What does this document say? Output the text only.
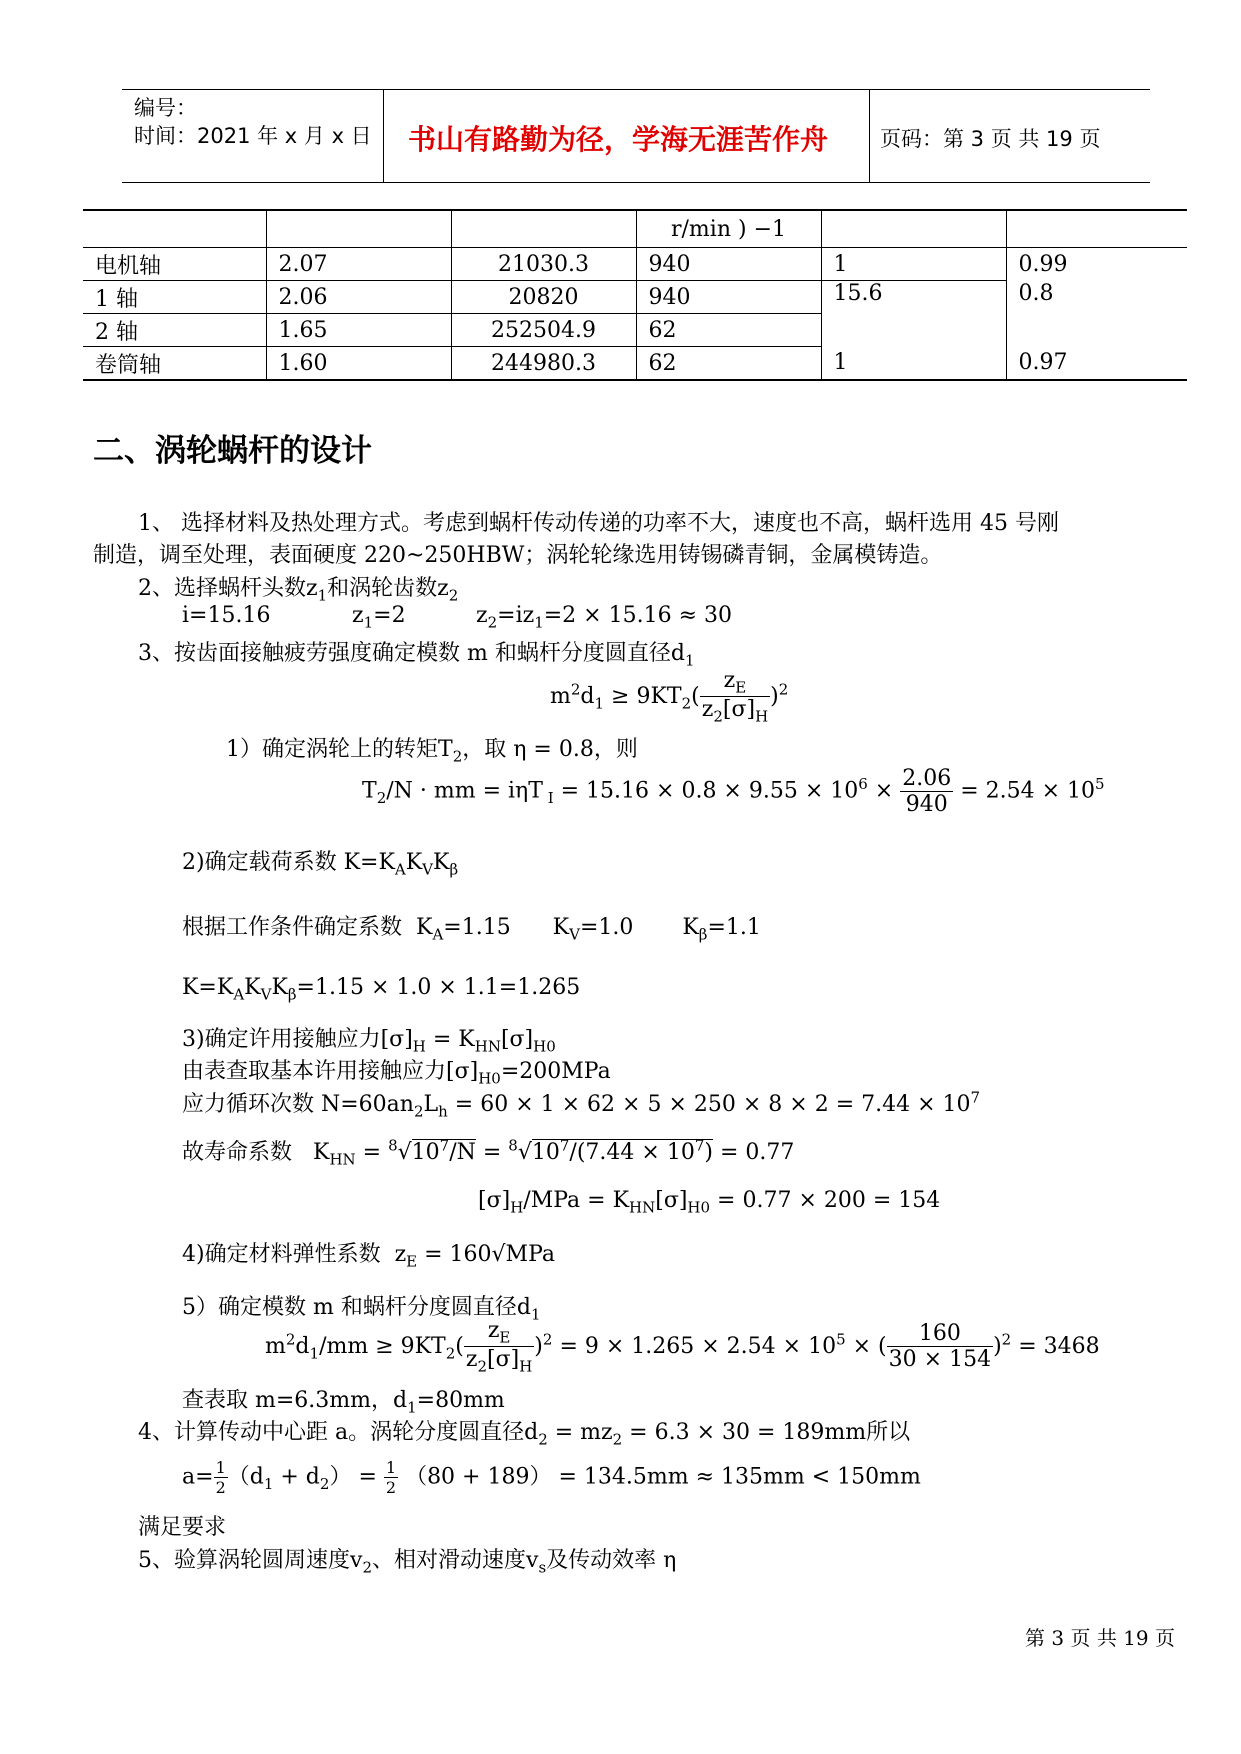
编号：
时间：2021 年 x 月 x 日 书山有路勤为径，学海无涯苦作舟 页码：第 3 页 共 19 页
			r/min ) −1		
电机轴	2.07	21030.3	940	1	0.99
1 轴	2.06	20820	940	15.6	0.8
2 轴	1.65	252504.9	62		
卷筒轴	1.60	244980.3	62	1	0.97
二、涡轮蜗杆的设计
1、 选择材料及热处理方式。考虑到蜗杆传动传递的功率不大，速度也不高，蜗杆选用 45 号刚
制造，调至处理，表面硬度 220~250HBW；涡轮轮缘选用铸锡磷青铜，金属模铸造。
2、选择蜗杆头数$z_1$和涡轮齿数$z_2$
i=15.16	$z_1=2$	$z_2=iz_1=2 \times 15.16 \approx 30$
3、按齿面接触疲劳强度确定模数 m 和蜗杆分度圆直径$d_1$
$m^2d_1 \ge 9KT_2( \frac{z_E}{z_2[\sigma]_H} )^2$
1）确定涡轮上的转矩$T_2$，取 η = 0.8，则
$T_2/N$ · mm = iηT $_Ⅰ = 15.16 \times 0.8 \times 9.55 \times 10^6 \times \frac{2.06}{940} = 2.54 \times 10^5$
2)确定载荷系数 $K=K_AK_VK_\beta$
根据工作条件确定系数  $K_A=1.15$      $K_V=1.0$       $K_\beta=1.1$
$K=K_AK_VK_\beta=1.15 \times 1.0 \times 1.1=1.265$
3)确定许用接触应力$[\sigma]_H = K_{HN}[\sigma]_{H0}$
由表查取基本许用接触应力$[\sigma]_{H0}=200MPa$
应力循环次数 $N=60an_2L_h = 60 \times 1 \times 62 \times 5 \times 250 \times 8 \times 2 = 7.44 \times 10^7$
故寿命系数   $K_{HN} = ^8√10^7/N = ^8√10^7/(7.44 \times 10^7) = 0.77$
$[\sigma]_H$/MPa = $K_{HN}[\sigma]_{H0} = 0.77 \times 200 = 154$
4)确定材料弹性系数  $z_E = 160√MPa$
5）确定模数 m 和蜗杆分度圆直径$d_1$
$m^2d_1/mm \ge 9KT_2( \frac{z_E}{z_2[\sigma]_H} )^2 = 9 \times 1.265 \times 2.54 \times 10^5$ × ( $\frac{160}{30 \times 154} )^2 = 3468$
查表取 m=6.3mm，$d_1=80mm$
4、计算传动中心距 a。涡轮分度圆直径$d_2 = mz_2 = 6.3 \times 30 = 189mm$所以
$a= \frac{1}{2} (d_1 + d_2) = \frac{1}{2} (80 + 189) = 134.5mm \approx 135mm < 150mm$
满足要求
5、验算涡轮圆周速度$v_2$、相对滑动速度$v_s$及传动效率 η
第 3 页 共 19 页
